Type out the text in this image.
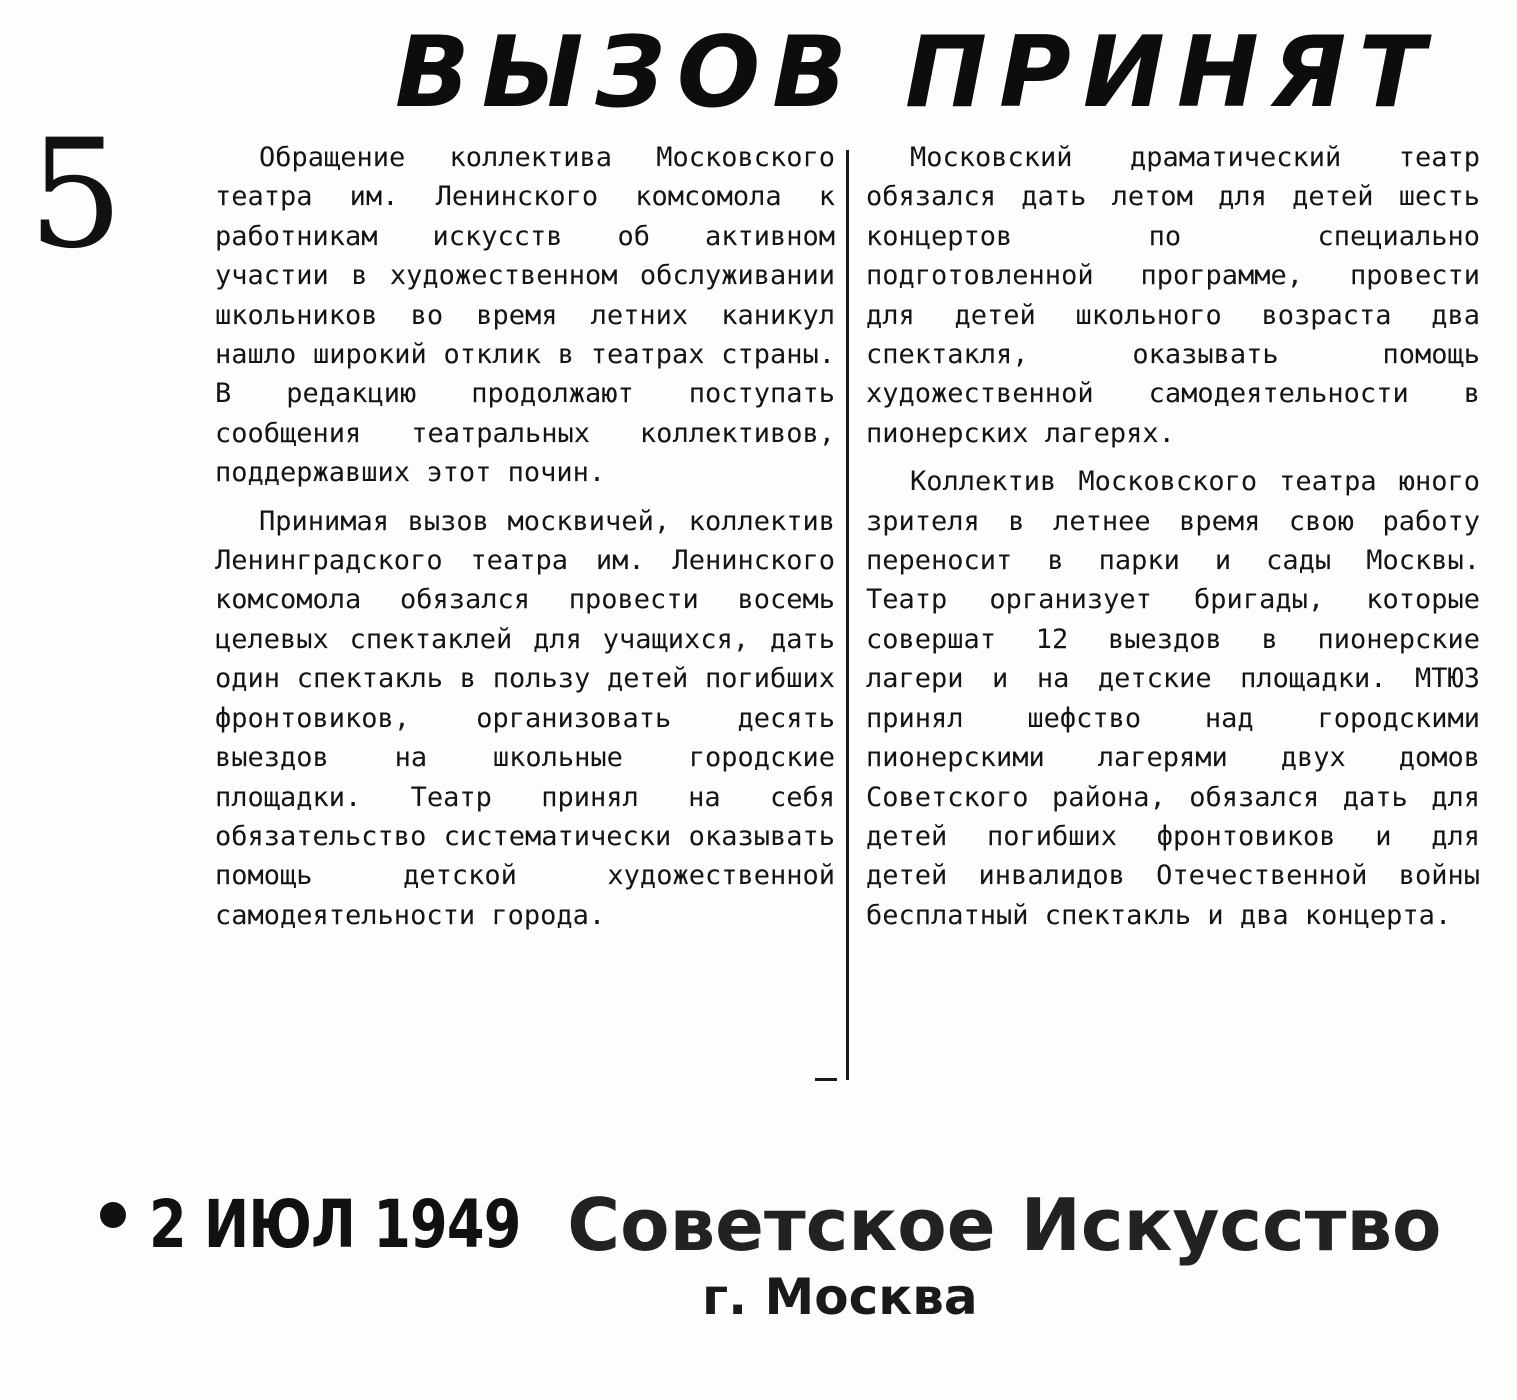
5
ВЫЗОВ ПРИНЯТ

Обращение коллектива Московского театра им. Ленинского комсомола к работникам искусств об активном участии в художественном обслуживании школьников во время летних каникул нашло широкий отклик в театрах страны. В редакцию продолжают поступать сообщения театральных коллективов, поддержавших этот почин.

Принимая вызов москвичей, коллектив Ленинградского театра им. Ленинского комсомола обязался провести восемь целевых спектаклей для учащихся, дать один спектакль в пользу детей погибших фронтовиков, организовать десять выездов на школьные городские площадки. Театр принял на себя обязательство систематически оказывать помощь детской художественной самодеятельности города.

Московский драматический театр обязался дать летом для детей шесть концертов по специально подготовленной программе, провести для детей школьного возраста два спектакля, оказывать помощь художественной самодеятельности в пионерских лагерях.

Коллектив Московского театра юного зрителя в летнее время свою работу переносит в парки и сады Москвы. Театр организует бригады, которые совершат 12 выездов в пионерские лагери и на детские площадки. МТЮЗ принял шефство над городскими пионерскими лагерями двух домов Советского района, обязался дать для детей погибших фронтовиков и для детей инвалидов Отечественной войны бесплатный спектакль и два концерта.

2 ИЮЛ 1949 Советское Искусство
г. Москва
